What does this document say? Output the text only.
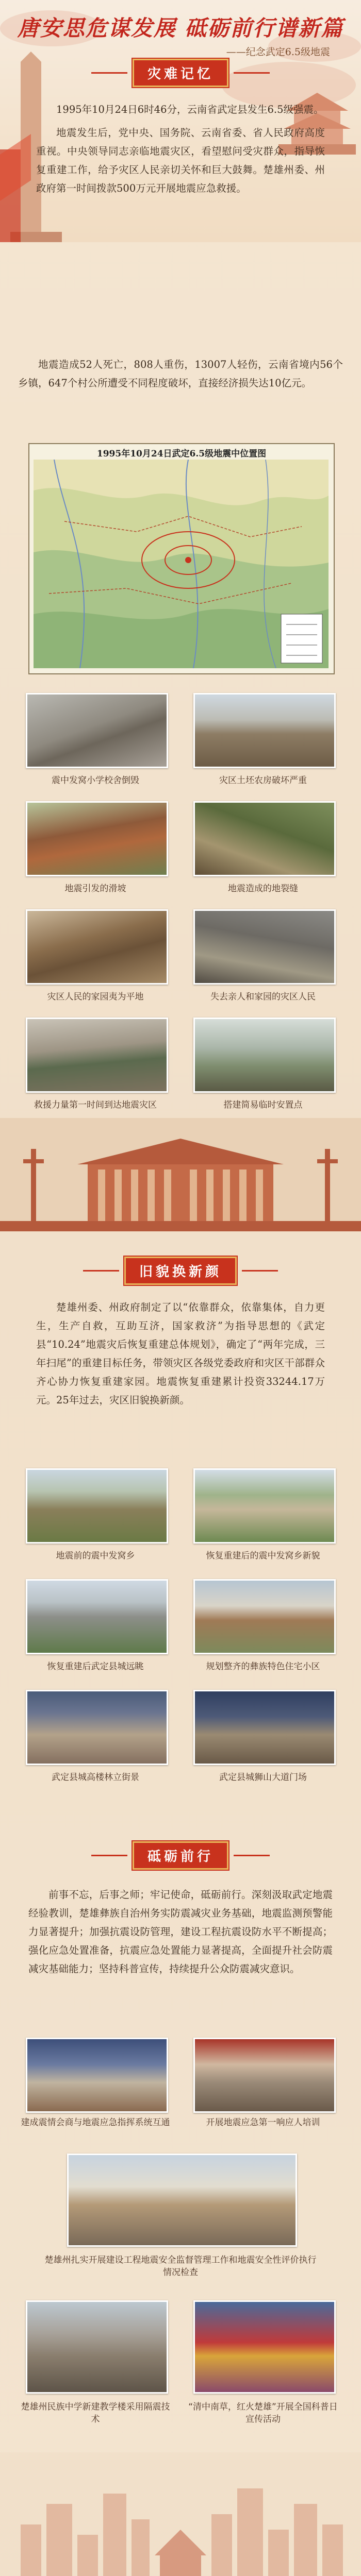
唐安思危谋发展 砥砺前行谱新篇
——纪念武定6.5级地震
灾难记忆
1995年10月24日6时46分，云南省武定县发生6.5级强震。
地震发生后，党中央、国务院、云南省委、省人民政府高度重视。中央领导同志亲临地震灾区，看望慰问受灾群众，指导恢复重建工作，给予灾区人民亲切关怀和巨大鼓舞。楚雄州委、州政府第一时间拨款500万元开展地震应急救援。
地震造成52人死亡，808人重伤，13007人轻伤，云南省境内56个乡镇，647个村公所遭受不同程度破坏，直接经济损失达10亿元。
1995年10月24日武定6.5级地震中位置图
震中发窝小学校舍倒毁	灾区土坯农房破坏严重
地震引发的滑坡	地震造成的地裂缝
灾区人民的家园夷为平地	失去亲人和家园的灾区人民
救援力量第一时间到达地震灾区	搭建简易临时安置点
旧貌换新颜
楚雄州委、州政府制定了以“依靠群众，依靠集体，自力更生，生产自救，互助互济，国家救济”为指导思想的《武定县“10.24”地震灾后恢复重建总体规划》，确定了“两年完成，三年扫尾”的重建目标任务，带领灾区各级党委政府和灾区干部群众齐心协力恢复重建家园。地震恢复重建累计投资33244.17万元。25年过去，灾区旧貌换新颜。
地震前的震中发窝乡	恢复重建后的震中发窝乡新貌
恢复重建后武定县城远眺	规划整齐的彝族特色住宅小区
武定县城高楼林立街景	武定县城狮山大道门场
砥砺前行
前事不忘，后事之师；牢记使命，砥砺前行。深刻汲取武定地震经验教训，楚雄彝族自治州务实防震减灾业务基础，地震监测预警能力显著提升；加强抗震设防管理，建设工程抗震设防水平不断提高；强化应急处置准备，抗震应急处置能力显著提高，全面提升社会防震减灾基础能力；坚持科普宣传，持续提升公众防震减灾意识。
建成震情会商与地震应急指挥系统互通	开展地震应急第一响应人培训
楚雄州扎实开展建设工程地震安全监督管理工作和地震安全性评价执行情况检查
楚雄州民族中学新建教学楼采用隔震技术
“清中南草，红火楚雄”开展全国科普日宣传活动
